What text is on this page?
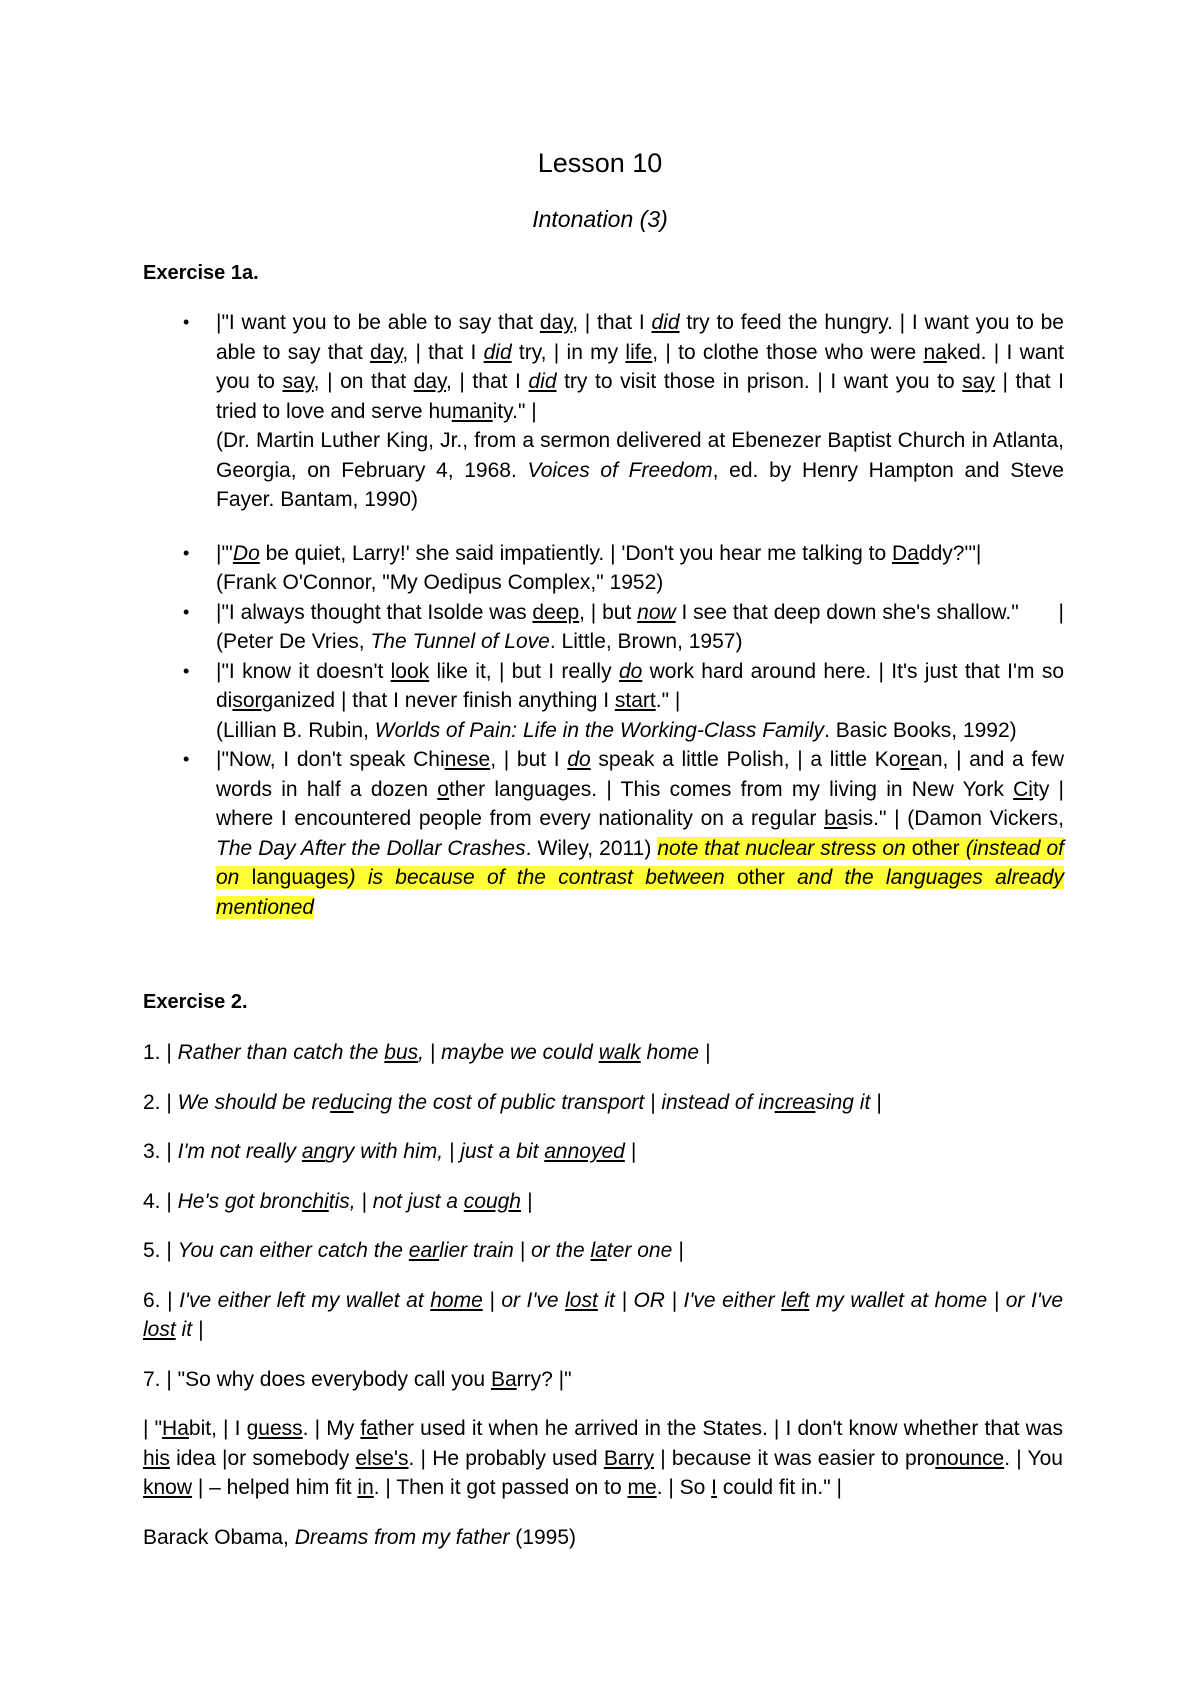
Lesson 10
Intonation (3)
Exercise 1a.
• |"I want you to be able to say that day, | that I did try to feed the hungry. | I want you to be able to say that day, | that I did try, | in my life, | to clothe those who were naked. | I want you to say, | on that day, | that I did try to visit those in prison. | I want you to say | that I tried to love and serve humanity." |
(Dr. Martin Luther King, Jr., from a sermon delivered at Ebenezer Baptist Church in Atlanta, Georgia, on February 4, 1968. Voices of Freedom, ed. by Henry Hampton and Steve Fayer. Bantam, 1990)
• |"'Do be quiet, Larry!' she said impatiently. | 'Don't you hear me talking to Daddy?'"|
(Frank O'Connor, "My Oedipus Complex," 1952)
• |"I always thought that Isolde was deep, | but now I see that deep down she's shallow." |
(Peter De Vries, The Tunnel of Love. Little, Brown, 1957)
• |"I know it doesn't look like it, | but I really do work hard around here. | It's just that I'm so disorganized | that I never finish anything I start." |
(Lillian B. Rubin, Worlds of Pain: Life in the Working-Class Family. Basic Books, 1992)
• |"Now, I don't speak Chinese, | but I do speak a little Polish, | a little Korean, | and a few words in half a dozen other languages. | This comes from my living in New York City | where I encountered people from every nationality on a regular basis." | (Damon Vickers, The Day After the Dollar Crashes. Wiley, 2011) note that nuclear stress on other (instead of on languages) is because of the contrast between other and the languages already mentioned
Exercise 2.

1. | Rather than catch the bus, | maybe we could walk home |

2. | We should be reducing the cost of public transport | instead of increasing it |

3. | I'm not really angry with him, | just a bit annoyed |

4. | He's got bronchitis, | not just a cough |

5. | You can either catch the earlier train | or the later one |

6. | I've either left my wallet at home | or I've lost it | OR | I've either left my wallet at home | or I've lost it |

7. | "So why does everybody call you Barry? |"

| "Habit, | I guess. | My father used it when he arrived in the States. | I don't know whether that was his idea |or somebody else's. | He probably used Barry | because it was easier to pronounce. | You know | – helped him fit in. | Then it got passed on to me. | So I could fit in." |

Barack Obama, Dreams from my father (1995)
